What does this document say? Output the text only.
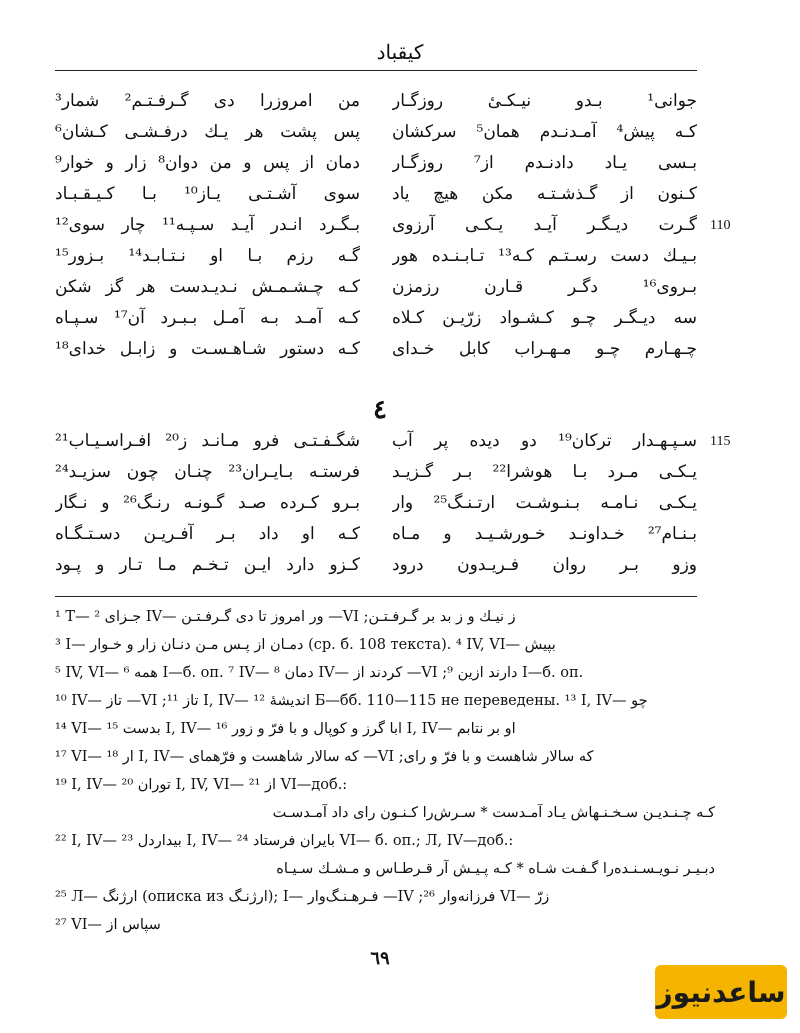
کیقباد
جوانی¹ بـدو نیـکـیٔ روزگـار
من امروزرا دی گـرفـتـم² شمار³
کـه پیش⁴ آمـدنـدم همان⁵ سرکشان
پس پشت هر یـك درفـشـی کـشان⁶
بـسی یـاد دادنـدم از⁷ روزگـار
دمان از پس و من دوان⁸ زار و خوار⁹
کـنون از گـذشـتـه مکن هیچ یاد
سوی آشـتـی یـاز¹⁰ بـا کـیـقـبـاد
گـرت دیـگـر آیـد یـکـی آرزوی
بـگـرد انـدر آیـد سـپـه¹¹ چار سوی¹²	110
بـیـك دست رسـتـم کـه¹³ تـابـنـده هور
گـه رزم بـا او نـتـابـد¹⁴ بـزور¹⁵
بـروی¹⁶ دگـر قـارن رزمزن
کـه چـشـمـش نـدیـدست هر گز شکن
سه دیـگـر چـو کـشـواد زرّیـن کـلاه
کـه آمـد بـه آمـل بـبـرد آن¹⁷ سـپـاه
چـهـارم چـو مـهـراب کابل خـدای
کـه دستور شـاهـسـت و زابـل خدای¹⁸
٤
سـپـهـدار ترکان¹⁹ دو دیده پر آب
شگـفـتـی فرو مـانـد ز²⁰ افـراسـیـاب²¹	115
یـکـی مـرد بـا هوشرا²² بـر گـزیـد
فرستـه بـایـران²³ چنـان چون سزیـد²⁴
یـکـی نـامـه بـنـوشـت ارتـنـگ²⁵ وار
بـرو کـرده صـد گـونـه رنـگ²⁶ و نـگار
بـنـام²⁷ خـداونـد خـورشـیـد و مـاه
کـه او داد بـر آفـریـن دسـتـگـاه
وزو بـر روان فـریـدون درود
کـزو دارد ایـن تـخـم مـا تـار و پـود
¹ T— جـزای ² IV— ور امروز تا دی گـرفـتـن —VI ;ز نیـك و ز بد بر گـرفـتـن
³ I— دمـان از پـس مـن دنـان زار و خـوار (ср. б. 108 текста). ⁴ IV, VI— بپیش
⁵ IV, VI— همه ⁶ I—б. оп. ⁷ IV— دمان ⁸ IV— کردند از —VI ;دارند ازین ⁹ I—б. оп.
¹⁰ IV— تاز —VI ;تاز ¹¹ I, IV— اندیشهٔ ¹² Б—бб. 110—115 не переведены. ¹³ I, IV— چو
¹⁴ VI— بدست ¹⁵ I, IV— ابا گرز و کوپال و با فرّ و زور ¹⁶ I, IV— او بر نتابم
¹⁷ VI— ار ¹⁸ I, IV— که سالار شاهست و فرّهمای —VI ;که سالار شاهست و با فرّ و رای
¹⁹ I, IV— توران ²⁰ I, IV, VI— از ²¹ VI—доб.:
کـه چـنـدیـن سـخـنـهاش یـاد آمـدست * سـرش‌را کـنـون رای داد آمـدسـت
²² I, IV— بیداردل ²³ I, IV— بایران فرستاد ²⁴ VI— б. оп.; Л, IV—доб.:
دبـیـر نـویـسـنـده‌را گـفـت شـاه * کـه پـیـش آر قـرطـاس و مـشـك سـیـاه
²⁵ Л— ارژنگ (описка из ارژنـگ); I— فـرهـنـگ‌وار —IV ;فرزانه‌وار ²⁶ VI— زرّ
²⁷ VI— سپاس از
٦٩
ساعدنیوز
